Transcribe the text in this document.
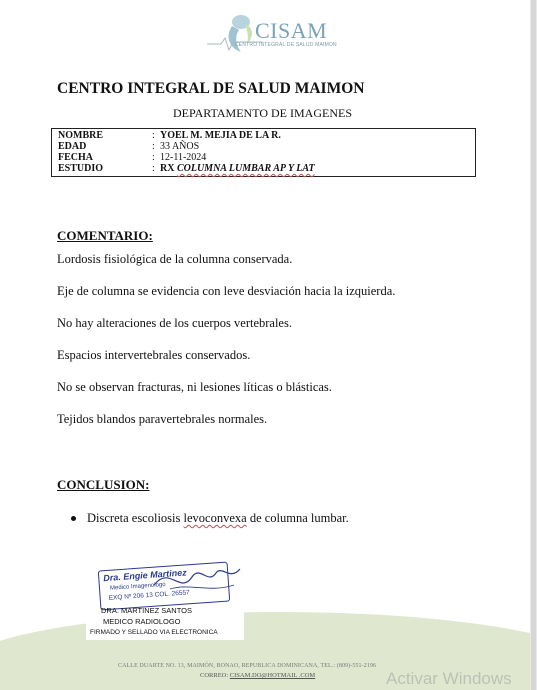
CISAM
CENTRO INTEGRAL DE SALUD MAIMON
CENTRO INTEGRAL DE SALUD MAIMON
DEPARTAMENTO DE IMAGENES
NOMBRE	: YOEL M. MEJIA DE LA R.
EDAD	: 33 AÑOS
FECHA	: 12-11-2024
ESTUDIO	: RX COLUMNA LUMBAR AP Y LAT
COMENTARIO:
Lordosis fisiológica de la columna conservada.
Eje de columna se evidencia con leve desviación hacia la izquierda.
No hay alteraciones de los cuerpos vertebrales.
Espacios intervertebrales conservados.
No se observan fracturas, ni lesiones líticas o blásticas.
Tejidos blandos paravertebrales normales.
CONCLUSION:
Discreta escoliosis levoconvexa de columna lumbar.
Dra. Engie Martinez
Medico Imagenologo
EXQ Nº 206 13 COL. 26557
DRA. MARTINEZ SANTOS
MEDICO RADIOLOGO
FIRMADO Y SELLADO VIA ELECTRONICA
CALLE DUARTE NO. 13, MAIMÓN, BONAO, REPUBLICA DOMINICANA, TEL.: (809)-551-2196
CORREO: CISAM.DO@HOTMAIL .COM	Activar Windows
